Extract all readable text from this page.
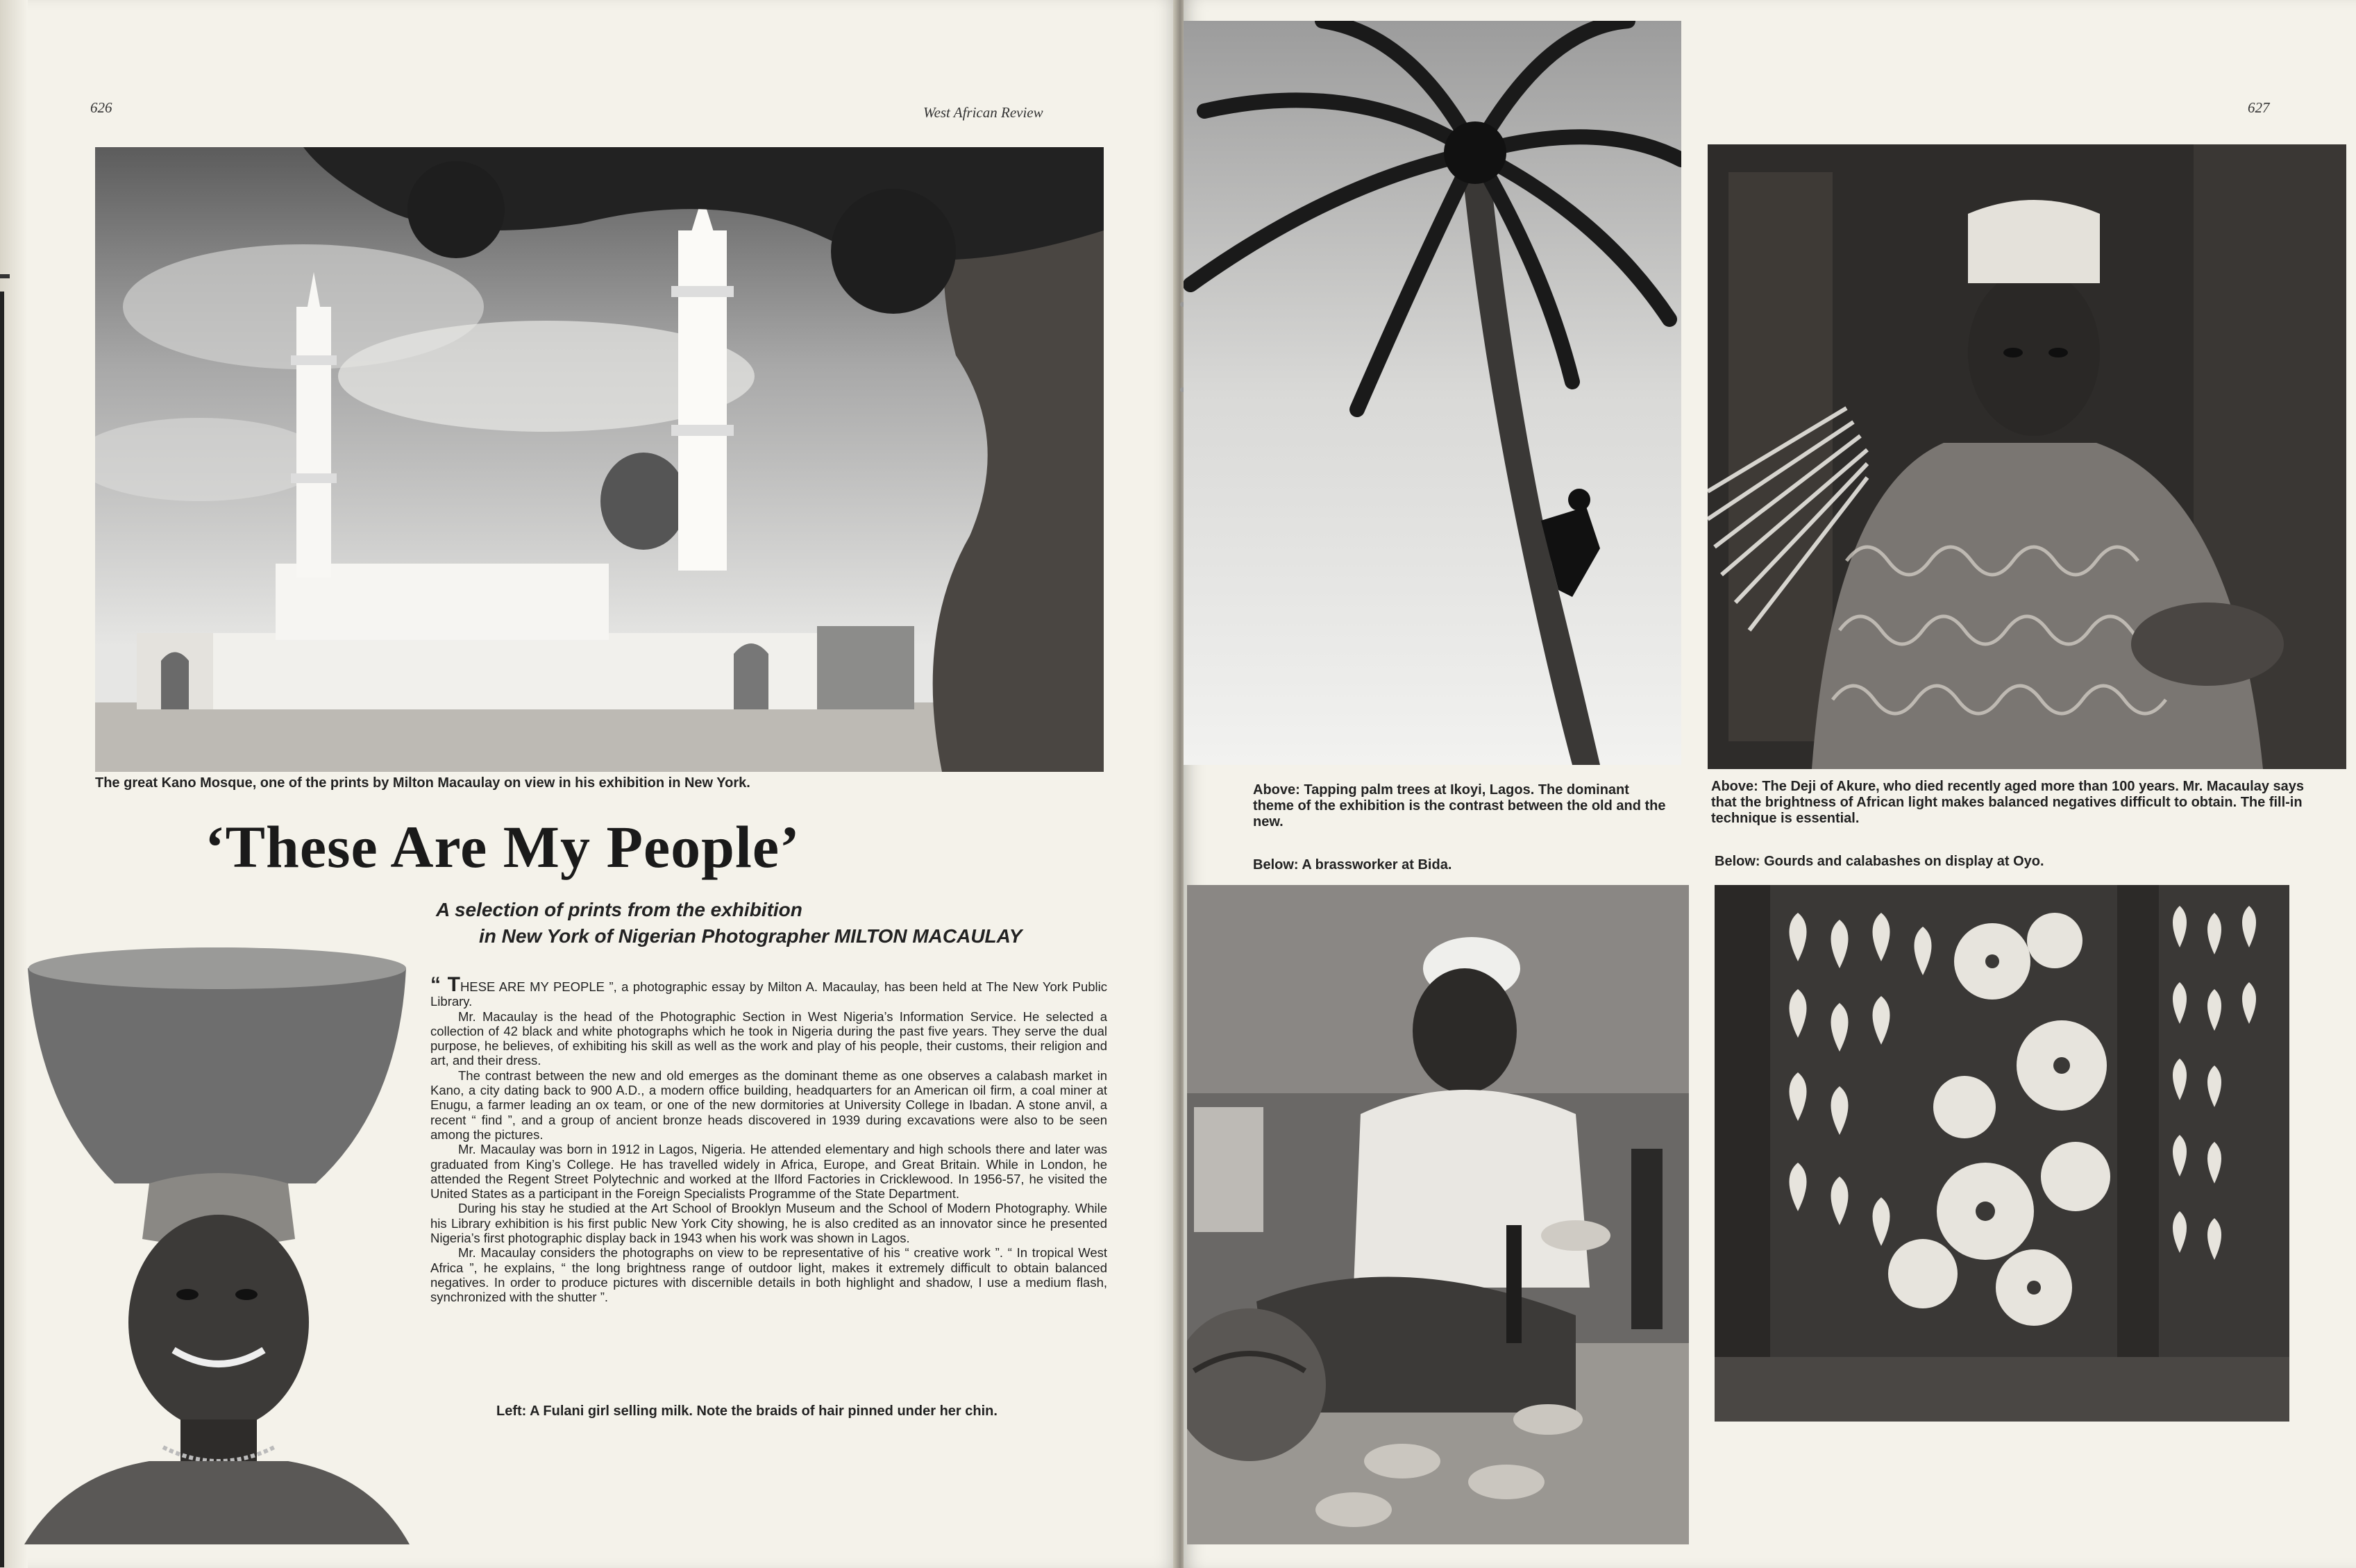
626	West African Review
The great Kano Mosque, one of the prints by Milton Macaulay on view in his exhibition in New York.
‘These Are My People’
A selection of prints from the exhibition
in New York of Nigerian Photographer MILTON MACAULAY

“ THESE ARE MY PEOPLE ”, a photographic essay by Milton A. Macaulay, has been held at The New York Public Library.

Mr. Macaulay is the head of the Photographic Section in West Nigeria’s Information Service. He selected a collection of 42 black and white photographs which he took in Nigeria during the past five years. They serve the dual purpose, he believes, of exhibiting his skill as well as the work and play of his people, their customs, their religion and art, and their dress.

The contrast between the new and old emerges as the dominant theme as one observes a calabash market in Kano, a city dating back to 900 A.D., a modern office building, headquarters for an American oil firm, a coal miner at Enugu, a farmer leading an ox team, or one of the new dormitories at University College in Ibadan. A stone anvil, a recent “ find ”, and a group of ancient bronze heads discovered in 1939 during excavations were also to be seen among the pictures.

Mr. Macaulay was born in 1912 in Lagos, Nigeria. He attended elementary and high schools there and later was graduated from King’s College. He has travelled widely in Africa, Europe, and Great Britain. While in London, he attended the Regent Street Polytechnic and worked at the Ilford Factories in Cricklewood. In 1956-57, he visited the United States as a participant in the Foreign Specialists Programme of the State Department.

During his stay he studied at the Art School of Brooklyn Museum and the School of Modern Photography. While his Library exhibition is his first public New York City showing, he is also credited as an innovator since he presented Nigeria’s first photographic display back in 1943 when his work was shown in Lagos.

Mr. Macaulay considers the photographs on view to be representative of his “ creative work ”. “ In tropical West Africa ”, he explains, “ the long brightness range of outdoor light, makes it extremely difficult to obtain balanced negatives. In order to produce pictures with discernible details in both highlight and shadow, I use a medium flash, synchronized with the shutter ”.

Left: A Fulani girl selling milk. Note the braids of hair pinned under her chin.
627
Above: Tapping palm trees at Ikoyi, Lagos. The dominant theme of the exhibition is the contrast between the old and the new.
Above: The Deji of Akure, who died recently aged more than 100 years. Mr. Macaulay says that the brightness of African light makes balanced negatives difficult to obtain. The fill-in technique is essential.
Below: A brassworker at Bida.	Below: Gourds and calabashes on display at Oyo.
